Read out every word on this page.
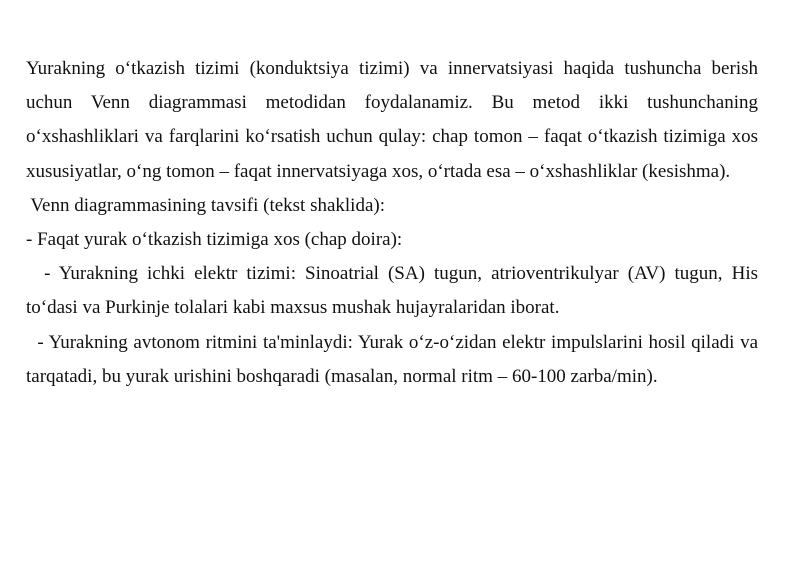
Yurakning o‘tkazish tizimi (konduktsiya tizimi) va innervatsiyasi haqida tushuncha berish uchun Venn diagrammasi metodidan foydalanamiz. Bu metod ikki tushunchaning o‘xshashliklari va farqlarini ko‘rsatish uchun qulay: chap tomon – faqat o‘tkazish tizimiga xos xususiyatlar, o‘ng tomon – faqat innervatsiyaga xos, o‘rtada esa – o‘xshashliklar (kesishma).

Venn diagrammasining tavsifi (tekst shaklida):

- Faqat yurak o‘tkazish tizimiga xos (chap doira):

- Yurakning ichki elektr tizimi: Sinoatrial (SA) tugun, atrioventrikulyar (AV) tugun, His to‘dasi va Purkinje tolalari kabi maxsus mushak hujayralaridan iborat.

- Yurakning avtonom ritmini ta'minlaydi: Yurak o‘z-o‘zidan elektr impulslarini hosil qiladi va tarqatadi, bu yurak urishini boshqaradi (masalan, normal ritm – 60-100 zarba/min).
